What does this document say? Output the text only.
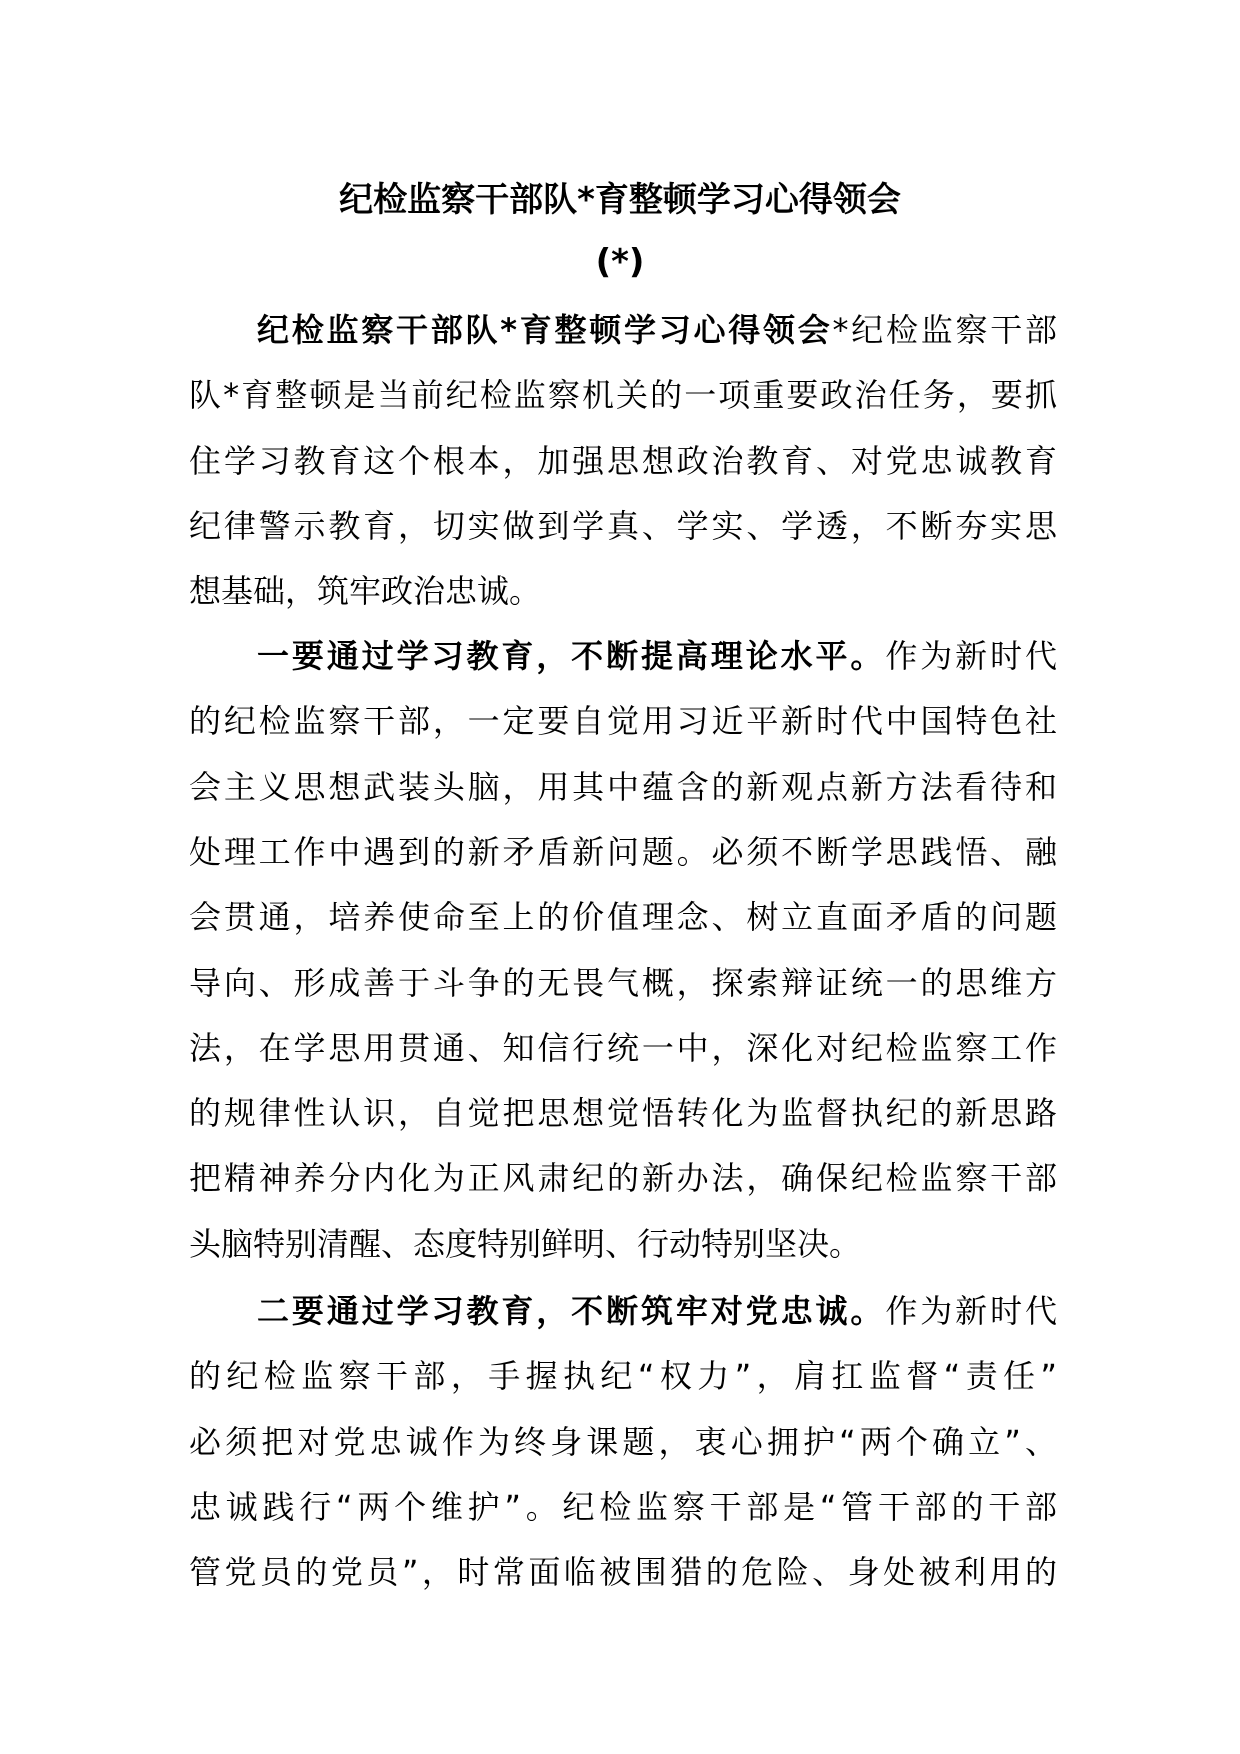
纪检监察干部队*育整顿学习心得领会
(*)
纪检监察干部队*育整顿学习心得领会*纪检监察干部
队*育整顿是当前纪检监察机关的一项重要政治任务，要抓
住学习教育这个根本，加强思想政治教育、对党忠诚教育
纪律警示教育，切实做到学真、学实、学透，不断夯实思
想基础，筑牢政治忠诚。
一要通过学习教育，不断提高理论水平。作为新时代
的纪检监察干部，一定要自觉用习近平新时代中国特色社
会主义思想武装头脑，用其中蕴含的新观点新方法看待和
处理工作中遇到的新矛盾新问题。必须不断学思践悟、融
会贯通，培养使命至上的价值理念、树立直面矛盾的问题
导向、形成善于斗争的无畏气概，探索辩证统一的思维方
法，在学思用贯通、知信行统一中，深化对纪检监察工作
的规律性认识，自觉把思想觉悟转化为监督执纪的新思路
把精神养分内化为正风肃纪的新办法，确保纪检监察干部
头脑特别清醒、态度特别鲜明、行动特别坚决。
二要通过学习教育，不断筑牢对党忠诚。作为新时代
的纪检监察干部，手握执纪“权力”，肩扛监督“责任”
必须把对党忠诚作为终身课题，衷心拥护“两个确立”、
忠诚践行“两个维护”。纪检监察干部是“管干部的干部
管党员的党员”，时常面临被围猎的危险、身处被利用的
